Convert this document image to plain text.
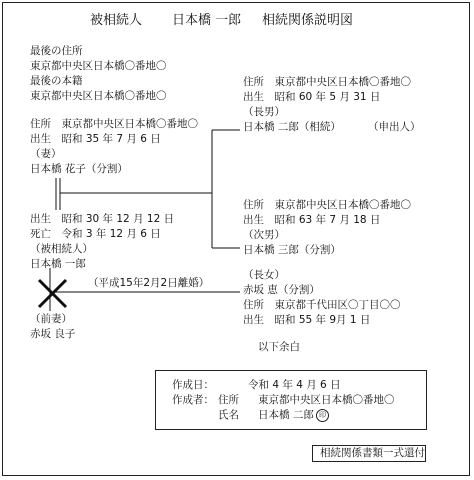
被相続人 日本橋 一郎 相続関係説明図
最後の住所
東京都中央区日本橋〇番地〇
最後の本籍
東京都中央区日本橋〇番地〇
住所　東京都中央区日本橋〇番地〇
出生　昭和 35 年 7 月 6 日
（妻）
日本橋 花子（分割）
出生　昭和 30 年 12 月 12 日
死亡　令和 3 年 12 月 6 日
（被相続人）
日本橋 一郎
（平成15年2月2日離婚）
（前妻）
赤坂 良子
住所　東京都中央区日本橋〇番地〇
出生　昭和 60 年 5 月 31 日
（長男）
日本橋 二郎（相続）	（申出人）
住所　東京都中央区日本橋〇番地〇
出生　昭和 63 年 7 月 18 日
（次男）
日本橋 三郎（分割）
（長女）
赤坂 恵（分割）
住所　東京都千代田区〇丁目〇〇
出生　昭和 55 年 9月 1 日
以下余白
作成日：	令和 4 年 4 月 6 日
作成者： 住所 東京都中央区日本橋〇番地〇
氏名 日本橋 二郎 印
相続関係書類一式還付
